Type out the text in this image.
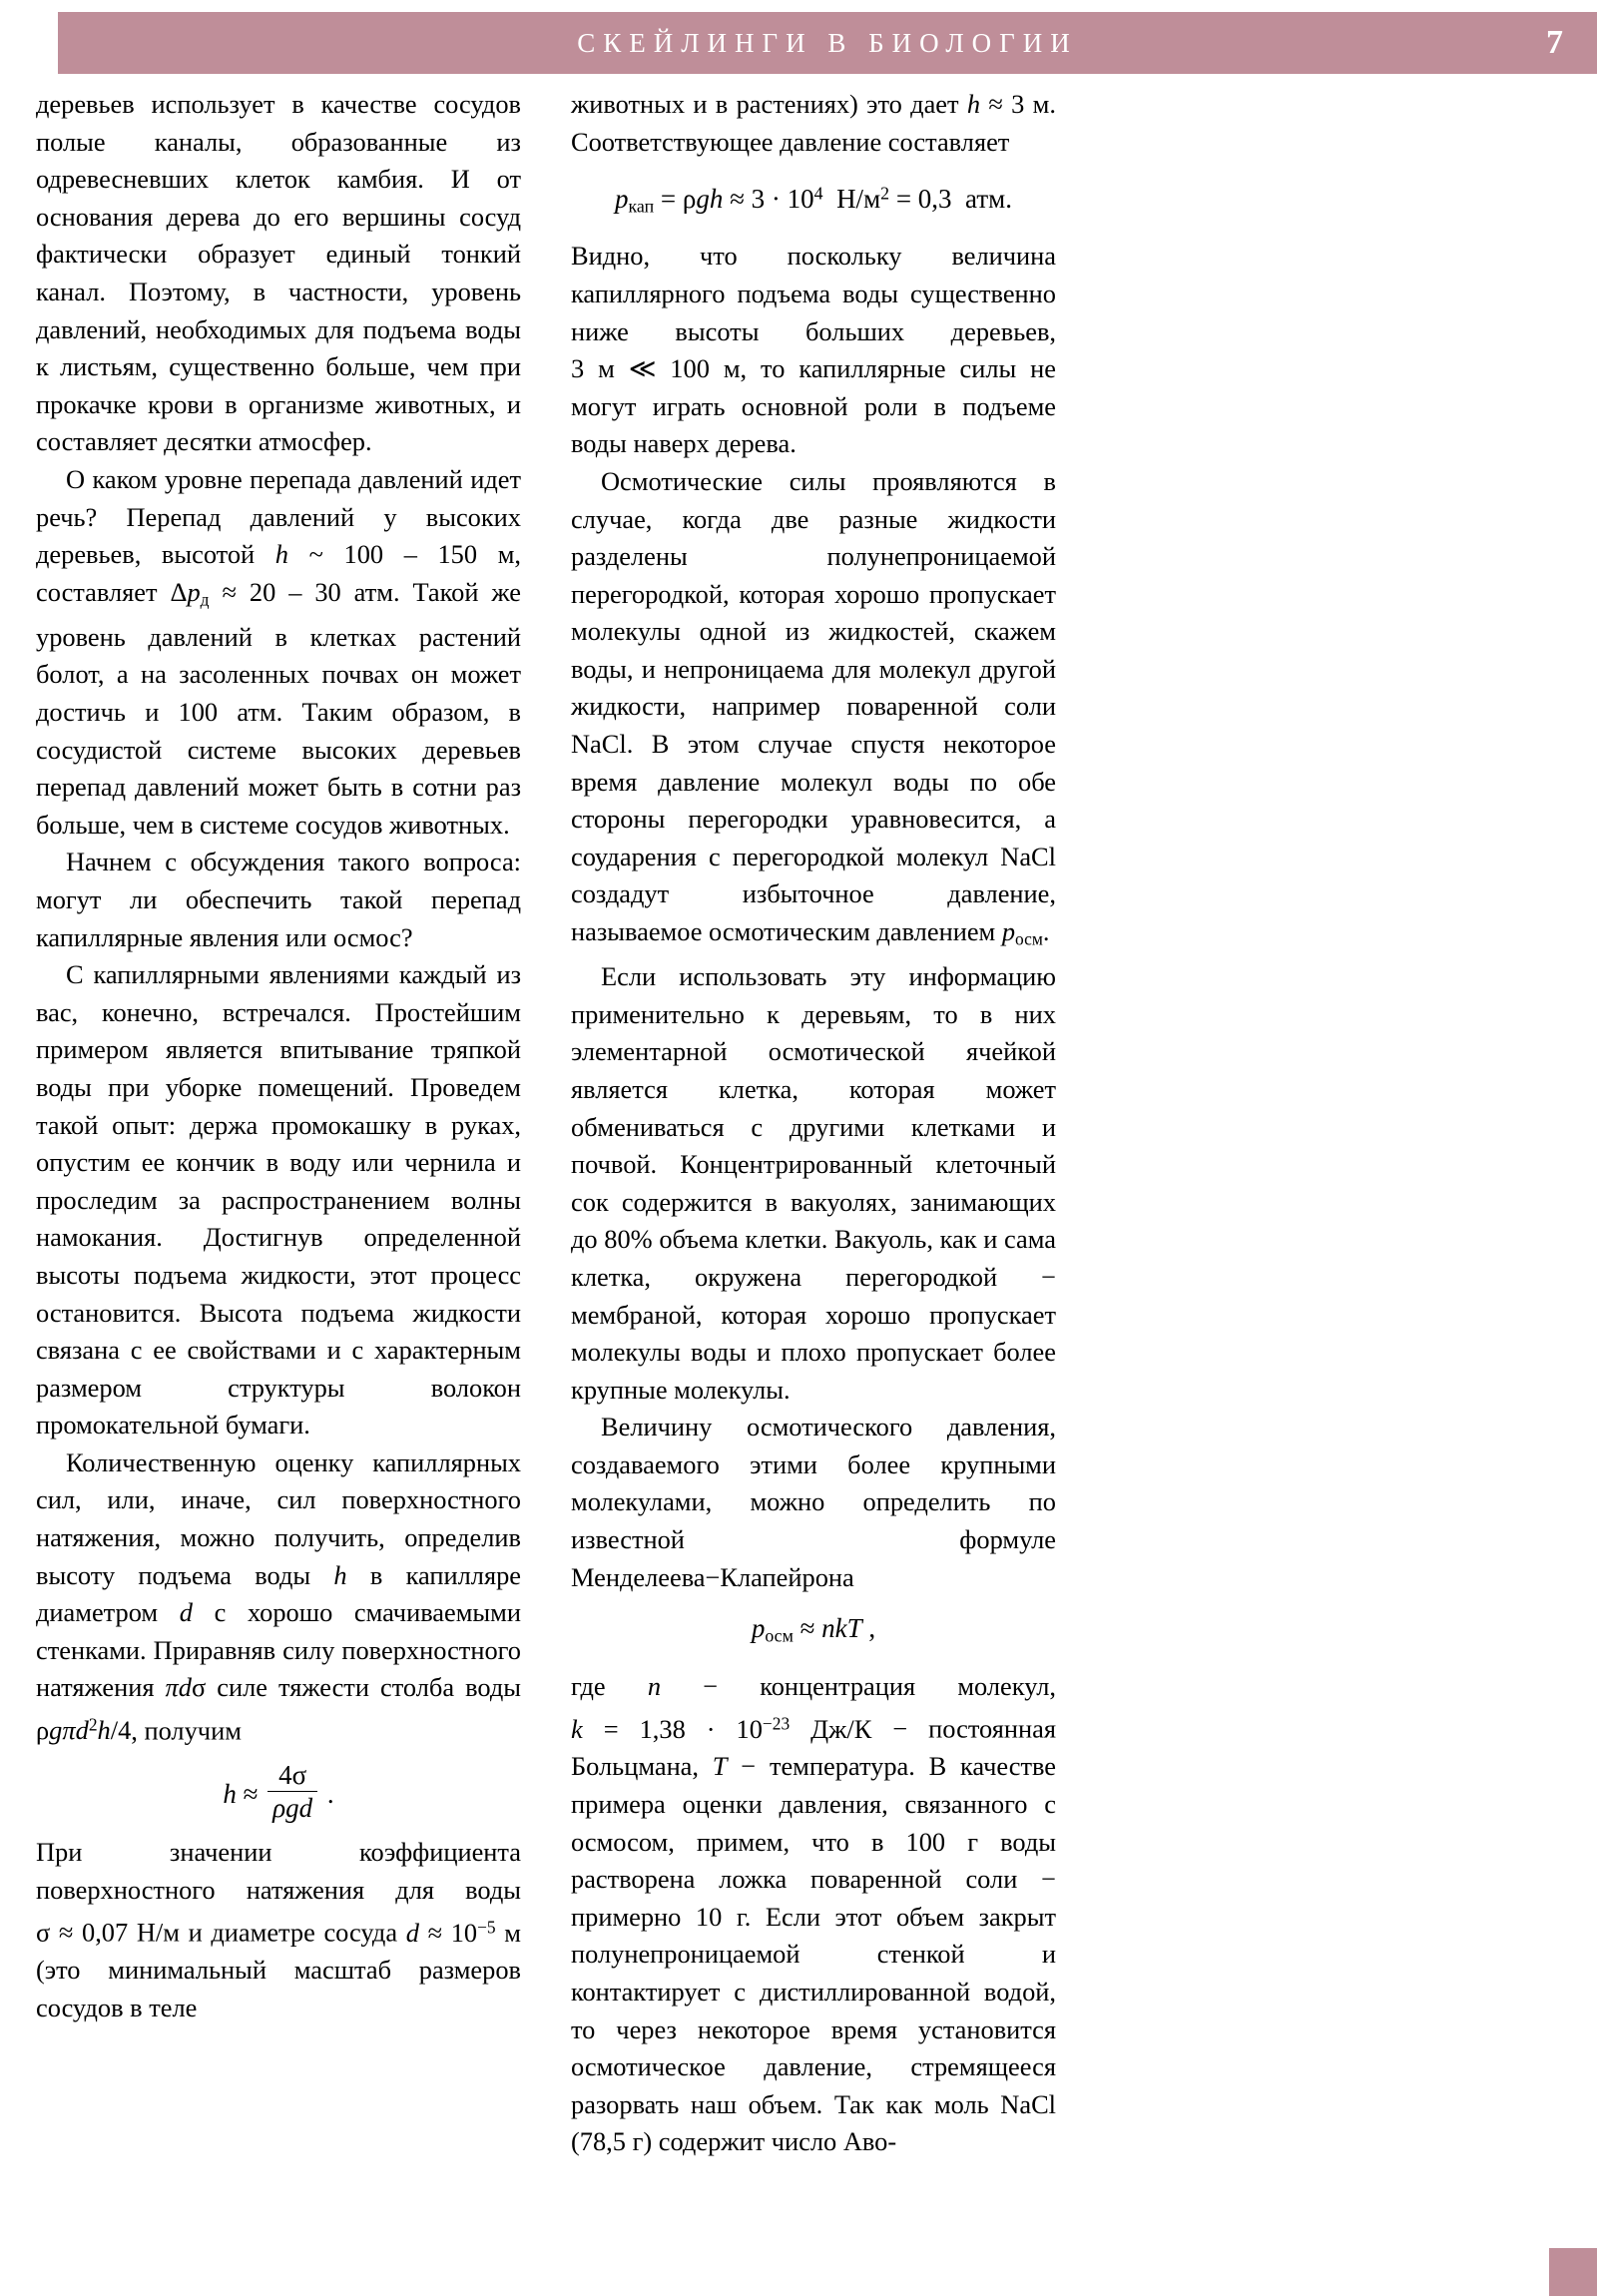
СКЕЙЛИНГИ В БИОЛОГИИ	7

деревьев использует в качестве сосудов полые каналы, образованные из одревесневших клеток камбия. И от основания дерева до его вершины сосуд фактически образует единый тонкий канал. Поэтому, в частности, уровень давлений, необходимых для подъема воды к листьям, существенно больше, чем при прокачке крови в организме животных, и составляет десятки атмосфер.

О каком уровне перепада давлений идет речь? Перепад давлений у высоких деревьев, высотой h ~ 100 – 150 м, составляет $\Delta p_д \approx 20 - 30$ атм. Такой же уровень давлений в клетках растений болот, а на засоленных почвах он может достичь и 100 атм. Таким образом, в сосудистой системе высоких деревьев перепад давлений может быть в сотни раз больше, чем в системе сосудов животных.

Начнем с обсуждения такого вопроса: могут ли обеспечить такой перепад капиллярные явления или осмос?

С капиллярными явлениями каждый из вас, конечно, встречался. Простейшим примером является впитывание тряпкой воды при уборке помещений. Проведем такой опыт: держа промокашку в руках, опустим ее кончик в воду или чернила и проследим за распространением волны намокания. Достигнув определенной высоты подъема жидкости, этот процесс остановится. Высота подъема жидкости связана с ее свойствами и с характерным размером структуры волокон промокательной бумаги.

Количественную оценку капиллярных сил, или, иначе, сил поверхностного натяжения, можно получить, определив высоту подъема воды h в капилляре диаметром d с хорошо смачиваемыми стенками. Приравняв силу поверхностного натяжения πdσ силе тяжести столба воды ρgπd$^2$h/4, получим

$h \approx \frac{4\sigma}{\text{ρgd}}$ .

При значении коэффициента поверхностного натяжения для воды σ ≈ 0,07 Н/м и диаметре сосуда $d \approx 10^{-5}$ м (это минимальный масштаб размеров сосудов в теле

животных и в растениях) это дает h ≈ 3 м. Соответствующее давление составляет

$p_{кап} = \rho gh \approx 3 \cdot 10^4$ $Н/м^2 = 0,3$ атм.

Видно, что поскольку величина капиллярного подъема воды существенно ниже высоты больших деревьев, 3 м ≪ 100 м, то капиллярные силы не могут играть основной роли в подъеме воды наверх дерева.

Осмотические силы проявляются в случае, когда две разные жидкости разделены полунепроницаемой перегородкой, которая хорошо пропускает молекулы одной из жидкостей, скажем воды, и непроницаема для молекул другой жидкости, например поваренной соли NaCl. В этом случае спустя некоторое время давление молекул воды по обе стороны перегородки уравновесится, а соударения с перегородкой молекул NaCl создадут избыточное давление, называемое осмотическим давлением $p_{осм}$.

Если использовать эту информацию применительно к деревьям, то в них элементарной осмотической ячейкой является клетка, которая может обмениваться с другими клетками и почвой. Концентрированный клеточный сок содержится в вакуолях, занимающих до 80% объема клетки. Вакуоль, как и сама клетка, окружена перегородкой − мембраной, которая хорошо пропускает молекулы воды и плохо пропускает более крупные молекулы.

Величину осмотического давления, создаваемого этими более крупными молекулами, можно определить по известной формуле Менделеева−Клапейрона

$p_{осм}$ ≈ nkT ,

где n − концентрация молекул, $k = 1,38 \cdot 10^{-23}$ Дж/К − постоянная Больцмана, T − температура. В качестве примера оценки давления, связанного с осмосом, примем, что в 100 г воды растворена ложка поваренной соли − примерно 10 г. Если этот объем закрыт полунепроницаемой стенкой и контактирует с дистиллированной водой, то через некоторое время установится осмотическое давление, стремящееся разорвать наш объем. Так как моль NaCl (78,5 г) содержит число Аво-
